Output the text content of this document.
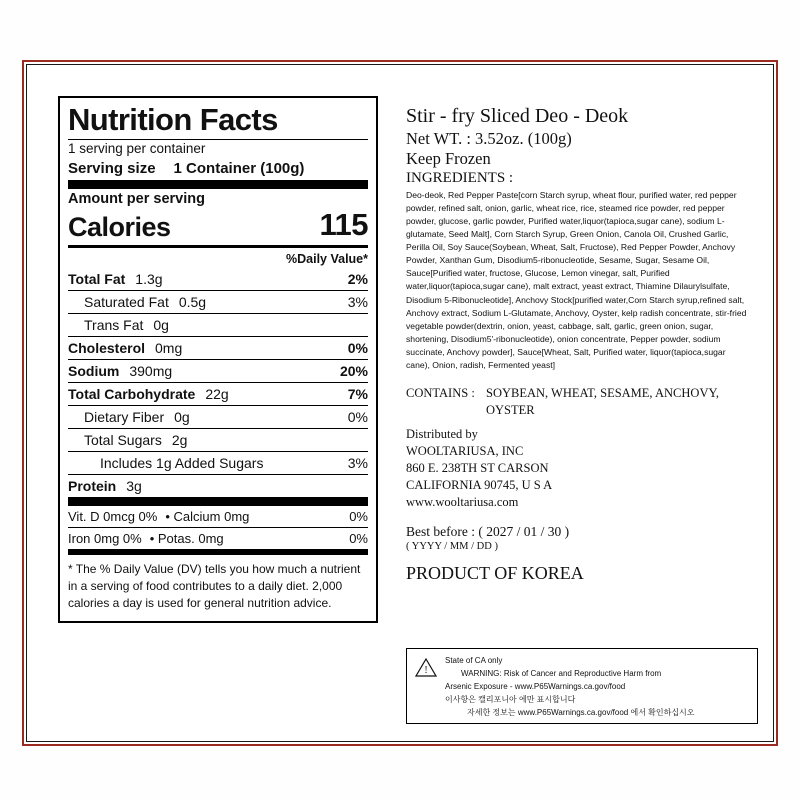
Nutrition Facts
1 serving per container
Serving size 1 Container (100g)
Amount per serving
Calories	115
%Daily Value*
Total Fat 1.3g	2%
Saturated Fat 0.5g	3%
Trans Fat 0g
Cholesterol 0mg	0%
Sodium 390mg	20%
Total Carbohydrate 22g	7%
Dietary Fiber 0g	0%
Total Sugars 2g
Includes 1g Added Sugars	3%
Protein 3g
Vit. D 0mcg 0% • Calcium 0mg	0%
Iron 0mg 0% • Potas. 0mg	0%
* The % Daily Value (DV) tells you how much a nutrient in a serving of food contributes to a daily diet. 2,000 calories a day is used for general nutrition advice.
Stir - fry Sliced Deo - Deok
Net WT. : 3.52oz. (100g)
Keep Frozen
INGREDIENTS :
Deo-deok, Red Pepper Paste[corn Starch syrup, wheat flour, purified water, red pepper powder, refined salt, onion, garlic, wheat rice, rice, steamed rice powder, red pepper powder, glucose, garlic powder, Purified water,liquor(tapioca,sugar cane), sodium L-glutamate, Seed Malt], Corn Starch Syrup, Green Onion, Canola Oil, Crushed Garlic, Perilla Oil, Soy Sauce(Soybean, Wheat, Salt, Fructose), Red Pepper Powder, Anchovy Powder, Xanthan Gum, Disodium5-ribonucleotide, Sesame, Sugar, Sesame Oil, Sauce[Purified water, fructose, Glucose, Lemon vinegar, salt, Purified water,liquor(tapioca,sugar cane), malt extract, yeast extract, Thiamine Dilaurylsulfate, Disodium 5-Ribonucleotide], Anchovy Stock[purified water,Corn Starch syrup,refined salt, Anchovy extract, Sodium L-Glutamate, Anchovy, Oyster, kelp radish concentrate, stir-fried vegetable powder(dextrin, onion, yeast, cabbage, salt, garlic, green onion, sugar, shortening, Disodium5'-ribonucleotide), onion concentrate, Pepper powder, sodium succinate, Anchovy powder], Sauce[Wheat, Salt, Purified water, liquor(tapioca,sugar cane), Onion, radish, Fermented yeast]
CONTAINS : SOYBEAN, WHEAT, SESAME, ANCHOVY,
OYSTER
Distributed by
WOOLTARIUSA, INC
860 E. 238TH ST CARSON
CALIFORNIA 90745, U S A
www.wooltariusa.com
Best before : ( 2027 / 01 / 30 )
( YYYY / MM / DD )
PRODUCT OF KOREA
!
State of CA only
WARNING: Risk of Cancer and Reproductive Harm from
Arsenic Exposure - www.P65Warnings.ca.gov/food
이사항은 캘리포니아 에만 표시합니다
자세한 정보는 www.P65Warnings.ca.gov/food 에서 확인하십시오
